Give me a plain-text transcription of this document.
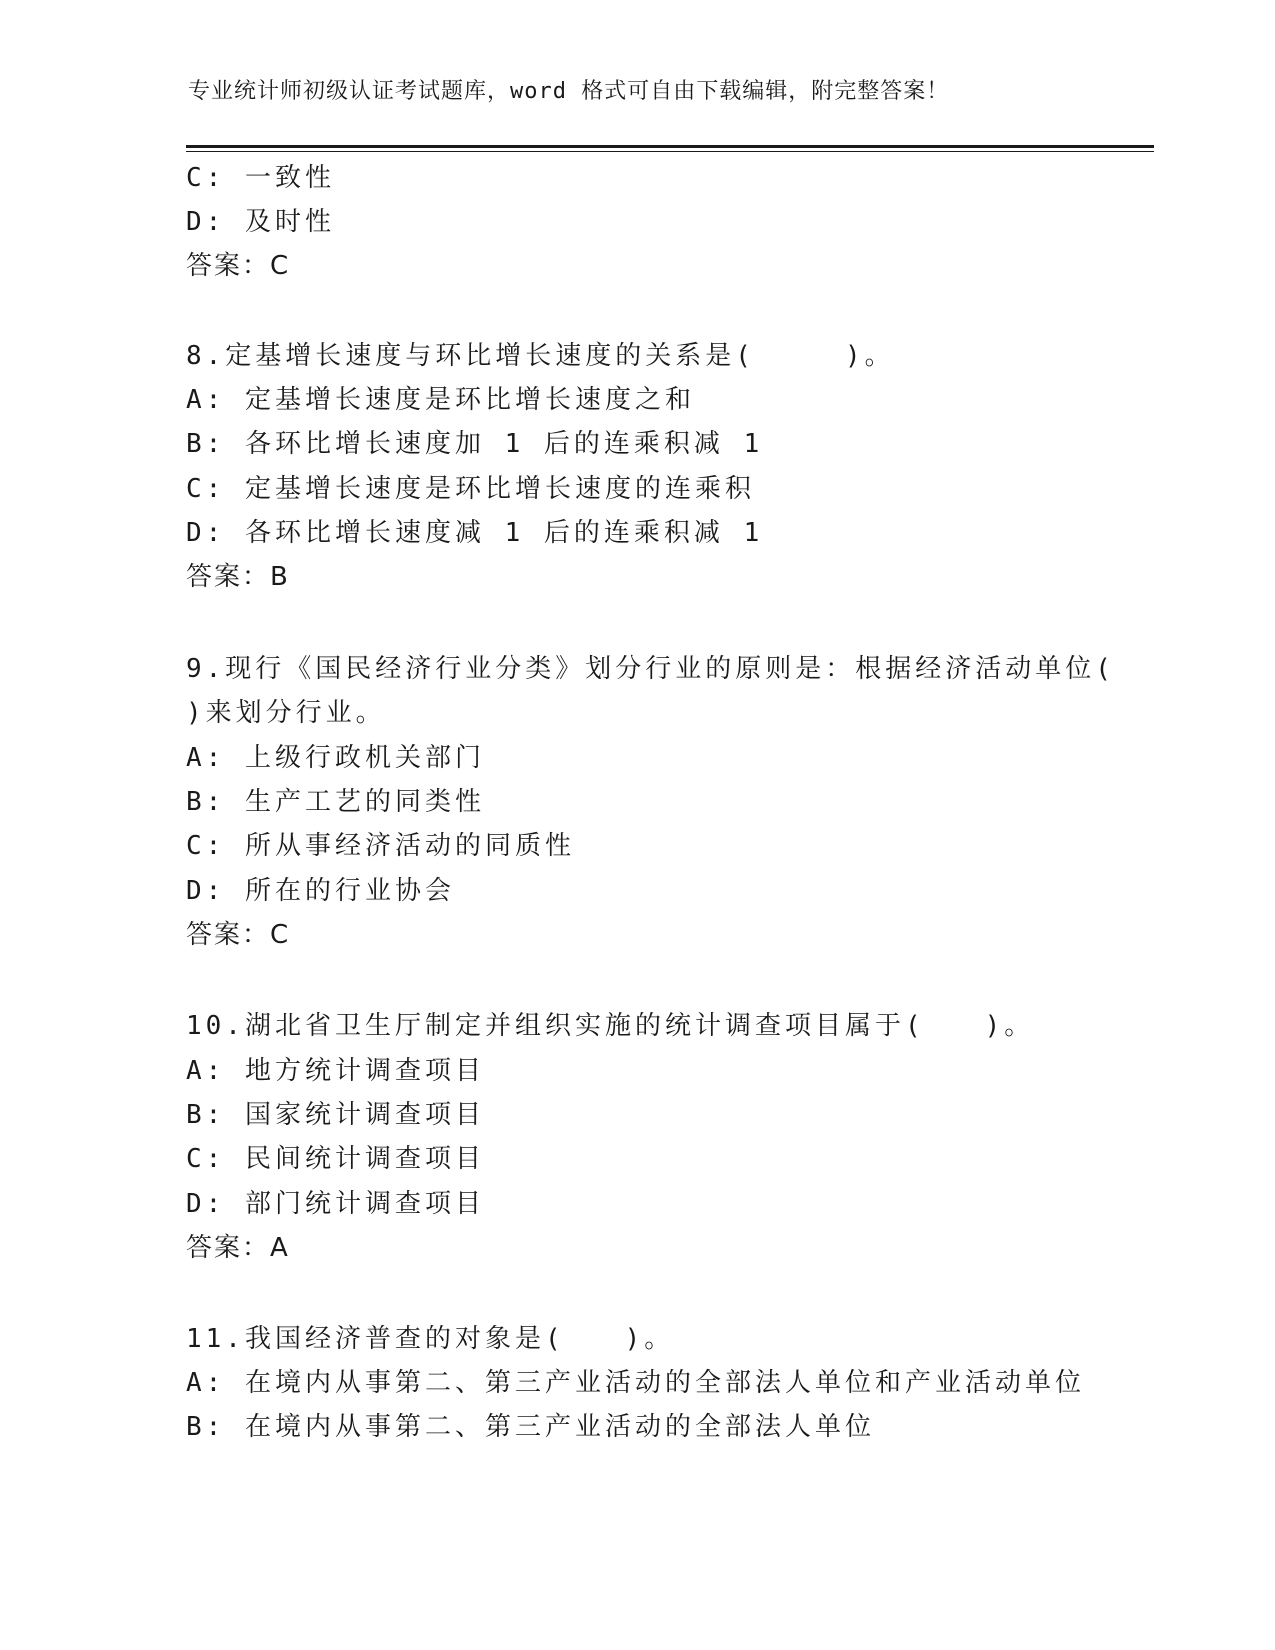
专业统计师初级认证考试题库，word 格式可自由下载编辑，附完整答案！
C: 一致性
D: 及时性
答案：C
8.定基增长速度与环比增长速度的关系是(　　　)。
A: 定基增长速度是环比增长速度之和
B: 各环比增长速度加 1 后的连乘积减 1
C: 定基增长速度是环比增长速度的连乘积
D: 各环比增长速度减 1 后的连乘积减 1
答案：B
9.现行《国民经济行业分类》划分行业的原则是：根据经济活动单位(
)来划分行业。
A: 上级行政机关部门
B: 生产工艺的同类性
C: 所从事经济活动的同质性
D: 所在的行业协会
答案：C
10.湖北省卫生厅制定并组织实施的统计调查项目属于(　　)。
A: 地方统计调查项目
B: 国家统计调查项目
C: 民间统计调查项目
D: 部门统计调查项目
答案：A
11.我国经济普查的对象是(　　)。
A: 在境内从事第二、第三产业活动的全部法人单位和产业活动单位
B: 在境内从事第二、第三产业活动的全部法人单位
